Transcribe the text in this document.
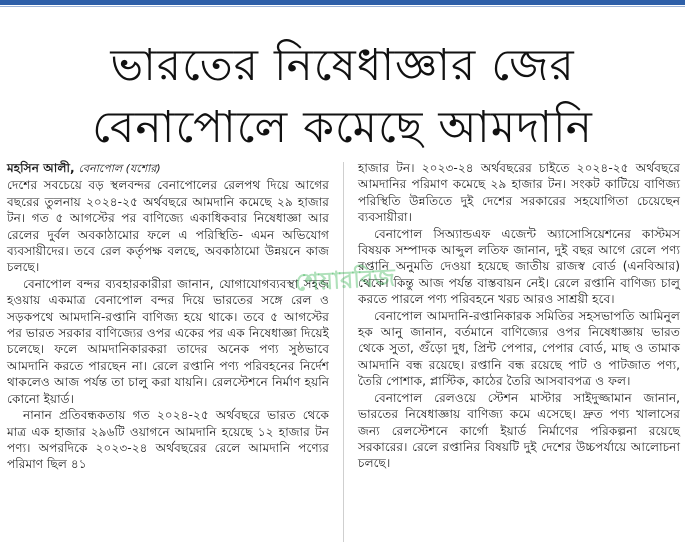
ভারতের নিষেধাজ্ঞার জের
বেনাপোলে কমেছে আমদানি

মহসিন আলী, বেনাপোল (যশোর)

দেশের সবচেয়ে বড় স্থলবন্দর বেনাপোলের রেলপথ দিয়ে আগের বছরের তুলনায় ২০২৪-২৫ অর্থবছরে আমদানি কমেছে ২৯ হাজার টন। গত ৫ আগস্টের পর বাণিজ্যে একাধিকবার নিষেধাজ্ঞা আর রেলের দুর্বল অবকাঠামোর ফলে এ পরিস্থিতি- এমন অভিযোগ ব্যবসায়ীদের। তবে রেল কর্তৃপক্ষ বলছে, অবকাঠামো উন্নয়নে কাজ চলছে।

বেনাপোল বন্দর ব্যবহারকারীরা জানান, যোগাযোগব্যবস্থা সহজ হওয়ায় একমাত্র বেনাপোল বন্দর দিয়ে ভারতের সঙ্গে রেল ও সড়কপথে আমদানি-রপ্তানি বাণিজ্য হয়ে থাকে। তবে ৫ আগস্টের পর ভারত সরকার বাণিজ্যের ওপর একের পর এক নিষেধাজ্ঞা দিয়েই চলেছে। ফলে আমদানিকারকরা তাদের অনেক পণ্য সুষ্ঠভাবে আমদানি করতে পারছেন না। রেলে রপ্তানি পণ্য পরিবহনের নির্দেশ থাকলেও আজ পর্যন্ত তা চালু করা যায়নি। রেলস্টেশনে নির্মাণ হয়নি কোনো ইয়ার্ড।

নানান প্রতিবন্ধকতায় গত ২০২৪-২৫ অর্থবছরে ভারত থেকে মাত্র এক হাজার ২৯৬টি ওয়াগনে আমদানি হয়েছে ১২ হাজার টন পণ্য। অপরদিকে ২০২৩-২৪ অর্থবছরের রেলে আমদানি পণ্যের পরিমাণ ছিল ৪১

হাজার টন। ২০২৩-২৪ অর্থবছরের চাইতে ২০২৪-২৫ অর্থবছরে আমদানির পরিমাণ কমেছে ২৯ হাজার টন। সংকট কাটিয়ে বাণিজ্য পরিস্থিতি উন্নতিতে দুই দেশের সরকারের সহযোগিতা চেয়েছেন ব্যবসায়ীরা।

বেনাপোল সিঅ্যান্ডএফ এজেন্ট অ্যাসোসিয়েশনের কাস্টমস বিষয়ক সম্পাদক আব্দুল লতিফ জানান, দুই বছর আগে রেলে পণ্য রপ্তানি অনুমতি দেওয়া হয়েছে জাতীয় রাজস্ব বোর্ড (এনবিআর) থেকে। কিন্তু আজ পর্যন্ত বাস্তবায়ন নেই। রেলে রপ্তানি বাণিজ্য চালু করতে পারলে পণ্য পরিবহনে খরচ আরও সাশ্রয়ী হবে।

বেনাপোল আমদানি-রপ্তানিকারক সমিতির সহসভাপতি আমিনুল হক আনু জানান, বর্তমানে বাণিজ্যের ওপর নিষেধাজ্ঞায় ভারত থেকে সুতা, গুঁড়ো দুধ, প্রিন্ট পেপার, পেপার বোর্ড, মাছ ও তামাক আমদানি বন্ধ রয়েছে। রপ্তানি বন্ধ রয়েছে পাট ও পাটজাত পণ্য, তৈরি পোশাক, প্লাস্টিক, কাঠের তৈরি আসবাবপত্র ও ফল।

বেনাপোল রেলওয়ে স্টেশন মাস্টার সাইদুজ্জামান জানান, ভারতের নিষেধাজ্ঞায় বাণিজ্য কমে এসেছে। দ্রুত পণ্য খালাসের জন্য রেলস্টেশনে কার্গো ইয়ার্ড নির্মাণের পরিকল্পনা রয়েছে সরকারের। রেলে রপ্তানির বিষয়টি দুই দেশের উচ্চপর্যায়ে আলোচনা চলছে।

শেয়ারবিজ
